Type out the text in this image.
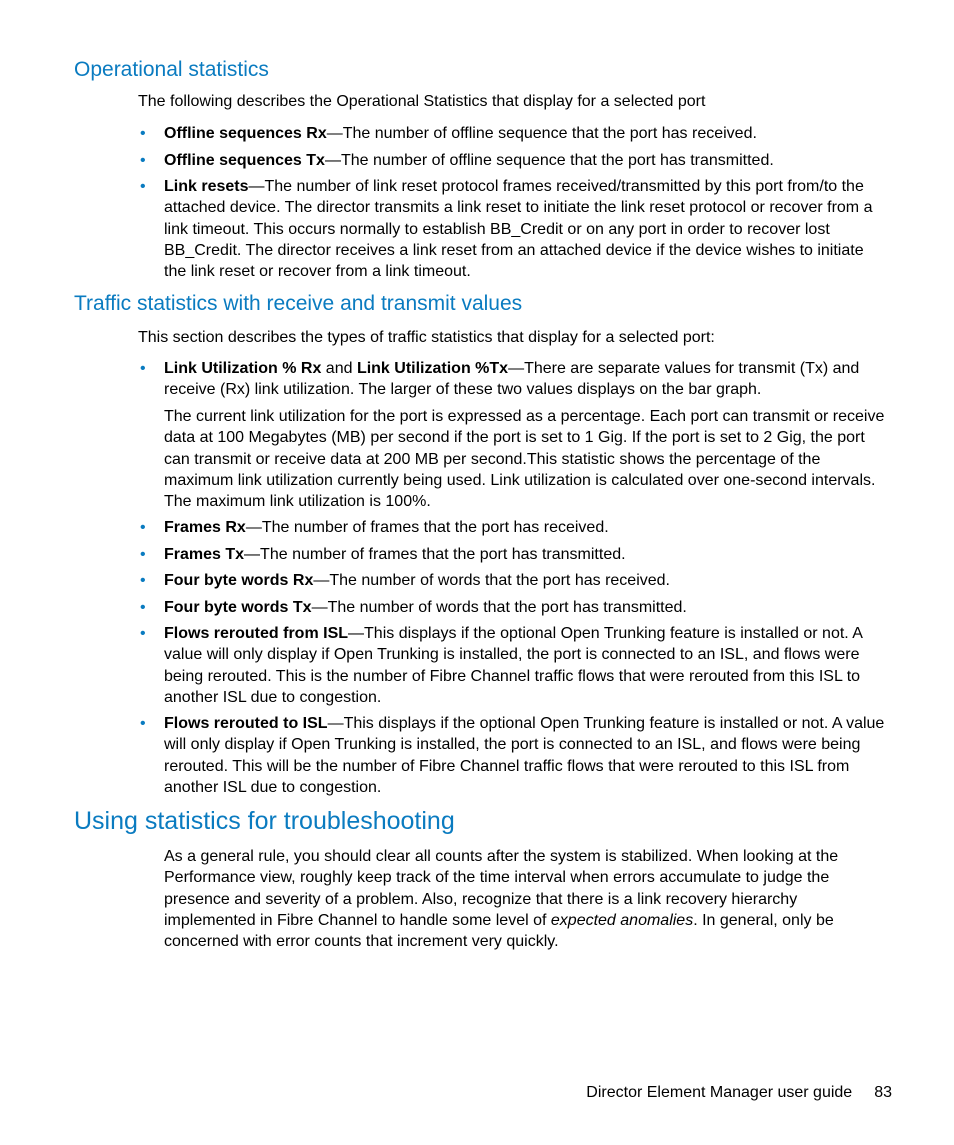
Operational statistics

The following describes the Operational Statistics that display for a selected port

• Offline sequences Rx—The number of offline sequence that the port has received.

• Offline sequences Tx—The number of offline sequence that the port has transmitted.

• Link resets—The number of link reset protocol frames received/transmitted by this port from/to the attached device. The director transmits a link reset to initiate the link reset protocol or recover from a link timeout. This occurs normally to establish BB_Credit or on any port in order to recover lost BB_Credit. The director receives a link reset from an attached device if the device wishes to initiate the link reset or recover from a link timeout.

Traffic statistics with receive and transmit values

This section describes the types of traffic statistics that display for a selected port:

• Link Utilization % Rx and Link Utilization %Tx—There are separate values for transmit (Tx) and receive (Rx) link utilization. The larger of these two values displays on the bar graph.

The current link utilization for the port is expressed as a percentage. Each port can transmit or receive data at 100 Megabytes (MB) per second if the port is set to 1 Gig. If the port is set to 2 Gig, the port can transmit or receive data at 200 MB per second.This statistic shows the percentage of the maximum link utilization currently being used. Link utilization is calculated over one-second intervals. The maximum link utilization is 100%.

• Frames Rx—The number of frames that the port has received.

• Frames Tx—The number of frames that the port has transmitted.

• Four byte words Rx—The number of words that the port has received.

• Four byte words Tx—The number of words that the port has transmitted.

• Flows rerouted from ISL—This displays if the optional Open Trunking feature is installed or not. A value will only display if Open Trunking is installed, the port is connected to an ISL, and flows were being rerouted. This is the number of Fibre Channel traffic flows that were rerouted from this ISL to another ISL due to congestion.

• Flows rerouted to ISL—This displays if the optional Open Trunking feature is installed or not. A value will only display if Open Trunking is installed, the port is connected to an ISL, and flows were being rerouted. This will be the number of Fibre Channel traffic flows that were rerouted to this ISL from another ISL due to congestion.

Using statistics for troubleshooting

As a general rule, you should clear all counts after the system is stabilized. When looking at the Performance view, roughly keep track of the time interval when errors accumulate to judge the presence and severity of a problem. Also, recognize that there is a link recovery hierarchy implemented in Fibre Channel to handle some level of expected anomalies. In general, only be concerned with error counts that increment very quickly.

Director Element Manager user guide 83
